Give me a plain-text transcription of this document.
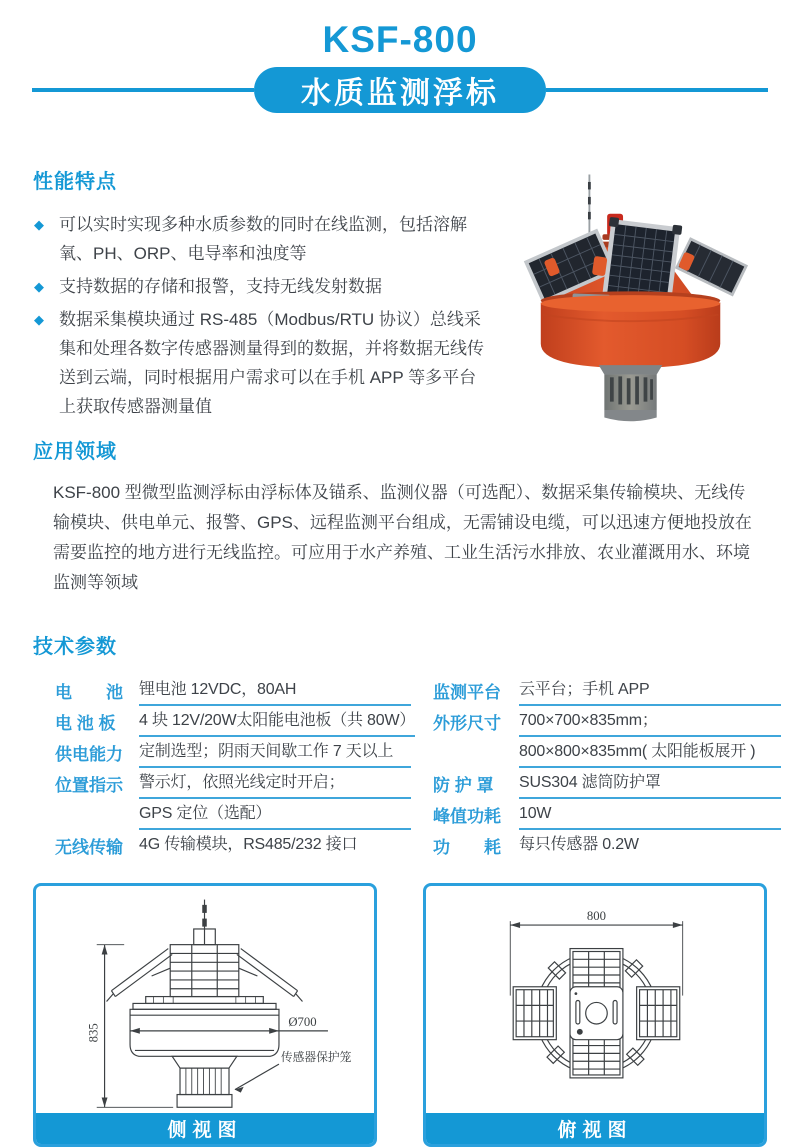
KSF-800
水质监测浮标
性能特点
◆ 可以实时实现多种水质参数的同时在线监测，包括溶解氧、PH、ORP、电导率和浊度等
◆ 支持数据的存储和报警，支持无线发射数据
◆ 数据采集模块通过 RS-485（Modbus/RTU 协议）总线采集和处理各数字传感器测量得到的数据，并将数据无线传送到云端，同时根据用户需求可以在手机 APP 等多平台上获取传感器测量值
应用领域

KSF-800 型微型监测浮标由浮标体及锚系、监测仪器（可选配）、数据采集传输模块、无线传输模块、供电单元、报警、GPS、远程监测平台组成，无需铺设电缆，可以迅速方便地投放在需要监控的地方进行无线监控。可应用于水产养殖、工业生活污水排放、农业灌溉用水、环境监测等领域

技术参数
电　　池	锂电池 12VDC，80AH
电 池 板	4 块 12V/20W太阳能电池板（共 80W）
供电能力	定制选型；阴雨天间歇工作 7 天以上
位置指示	警示灯，依照光线定时开启；
GPS 定位（选配）
无线传输	4G 传输模块，RS485/232 接口
监测平台	云平台；手机 APP
外形尺寸	700×700×835mm；
800×800×835mm( 太阳能板展开 )
防 护 罩	SUS304 滤筒防护罩
峰值功耗	10W
功　　耗	每只传感器 0.2W
835
Ø700
传感器保护笼
侧视图
800
俯视图
